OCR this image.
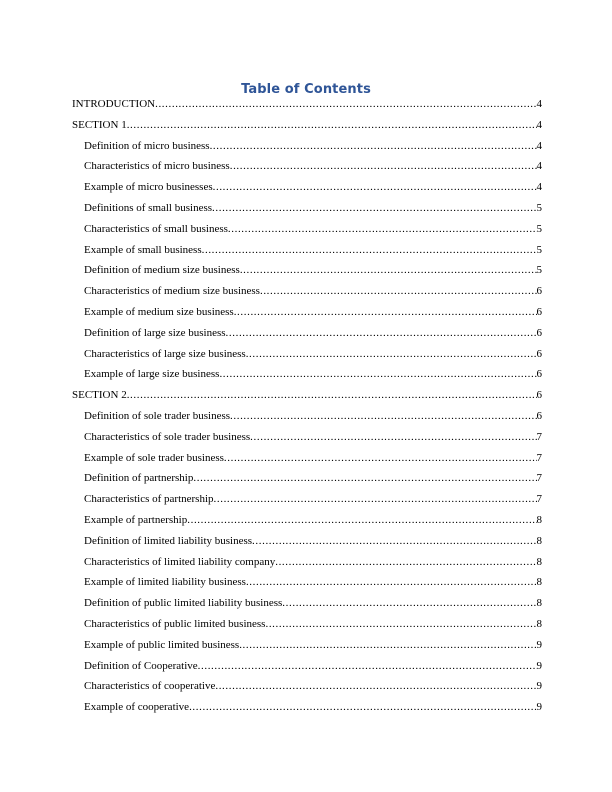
Table of Contents
INTRODUCTION .....	4
SECTION 1 .....	4
Definition of micro business .....	4
Characteristics of micro business .....	4
Example of micro businesses .....	4
Definitions of small business .....	5
Characteristics of small business .....	5
Example of small business .....	5
Definition of medium size business .....	5
Characteristics of medium size business .....	6
Example of medium size business .....	6
Definition of large size business .....	6
Characteristics of large size business .....	6
Example of large size business .....	6
SECTION 2 .....	6
Definition of sole trader business .....	6
Characteristics of sole trader business .....	7
Example of sole trader business .....	7
Definition of partnership .....	7
Characteristics of partnership .....	7
Example of partnership .....	8
Definition of limited liability business .....	8
Characteristics of limited liability company .....	8
Example of limited liability business .....	8
Definition of public limited liability business .....	8
Characteristics of public limited business .....	8
Example of public limited business .....	9
Definition of Cooperative .....	9
Characteristics of cooperative .....	9
Example of cooperative .....	9
